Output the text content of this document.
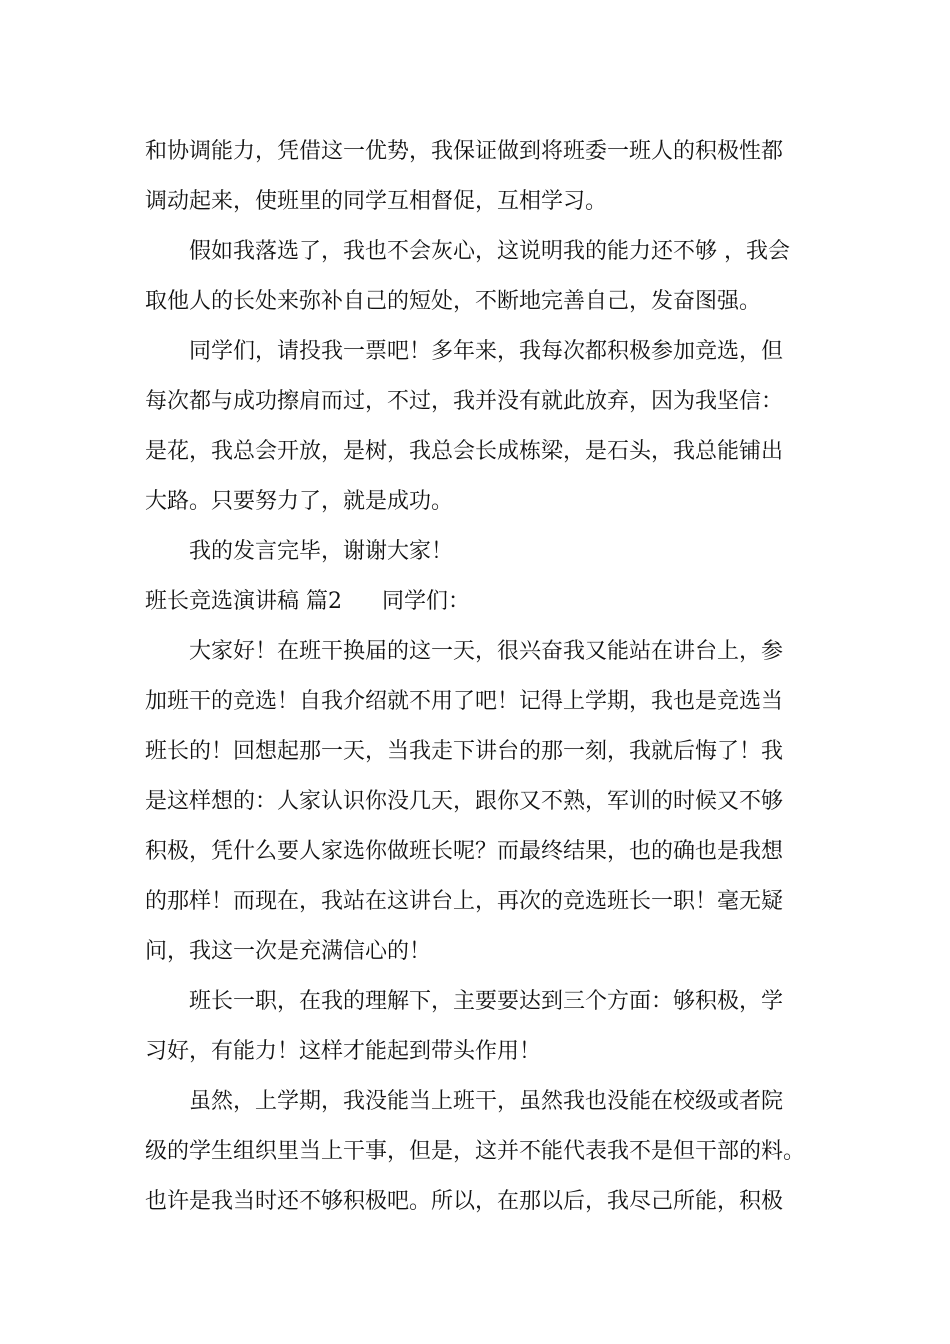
和协调能力，凭借这一优势，我保证做到将班委一班人的积极性都
调动起来，使班里的同学互相督促，互相学习。
假如我落选了，我也不会灰心，这说明我的能力还不够 ，我会
取他人的长处来弥补自己的短处，不断地完善自己，发奋图强。
同学们，请投我一票吧！多年来，我每次都积极参加竞选，但
每次都与成功擦肩而过，不过，我并没有就此放弃，因为我坚信：
是花，我总会开放，是树，我总会长成栋梁，是石头，我总能铺出
大路。只要努力了，就是成功。
我的发言完毕，谢谢大家！
班长竞选演讲稿 篇2 同学们：
大家好！在班干换届的这一天，很兴奋我又能站在讲台上，参
加班干的竞选！自我介绍就不用了吧！记得上学期，我也是竞选当
班长的！回想起那一天，当我走下讲台的那一刻，我就后悔了！我
是这样想的：人家认识你没几天，跟你又不熟，军训的时候又不够
积极，凭什么要人家选你做班长呢？而最终结果，也的确也是我想
的那样！而现在，我站在这讲台上，再次的竞选班长一职！毫无疑
问，我这一次是充满信心的！
班长一职，在我的理解下，主要要达到三个方面：够积极，学
习好，有能力！这样才能起到带头作用！
虽然，上学期，我没能当上班干，虽然我也没能在校级或者院
级的学生组织里当上干事，但是，这并不能代表我不是但干部的料。
也许是我当时还不够积极吧。所以，在那以后，我尽己所能，积极
